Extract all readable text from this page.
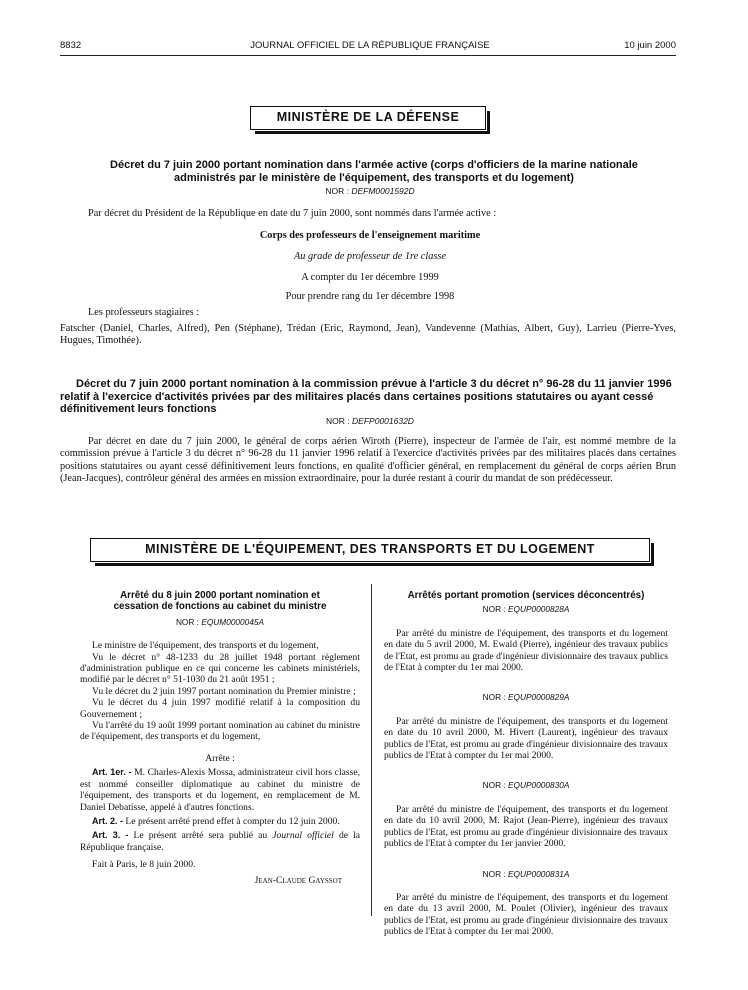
8832	JOURNAL OFFICIEL DE LA RÉPUBLIQUE FRANÇAISE	10 juin 2000
MINISTÈRE DE LA DÉFENSE
Décret du 7 juin 2000 portant nomination dans l'armée active (corps d'officiers de la marine nationale administrés par le ministère de l'équipement, des transports et du logement)
NOR : DEFM0001592D

Par décret du Président de la République en date du 7 juin 2000, sont nommés dans l'armée active :

Corps des professeurs de l'enseignement maritime
Au grade de professeur de 1re classe
A compter du 1er décembre 1999
Pour prendre rang du 1er décembre 1998

Les professeurs stagiaires :

Fatscher (Daniel, Charles, Alfred), Pen (Stéphane), Trédan (Eric, Raymond, Jean), Vandevenne (Mathias, Albert, Guy), Larrieu (Pierre-Yves, Hugues, Timothée).

Décret du 7 juin 2000 portant nomination à la commission prévue à l'article 3 du décret n° 96-28 du 11 janvier 1996 relatif à l'exercice d'activités privées par des militaires placés dans certaines positions statutaires ou ayant cessé définitivement leurs fonctions
NOR : DEFP0001632D

Par décret en date du 7 juin 2000, le général de corps aérien Wiroth (Pierre), inspecteur de l'armée de l'air, est nommé membre de la commission prévue à l'article 3 du décret n° 96-28 du 11 janvier 1996 relatif à l'exercice d'activités privées par des militaires placés dans certaines positions statutaires ou ayant cessé définitivement leurs fonctions, en qualité d'officier général, en remplacement du général de corps aérien Brun (Jean-Jacques), contrôleur général des armées en mission extraordinaire, pour la durée restant à courir du mandat de son prédécesseur.

MINISTÈRE DE L'ÉQUIPEMENT, DES TRANSPORTS ET DU LOGEMENT
Arrêté du 8 juin 2000 portant nomination et cessation de fonctions au cabinet du ministre
NOR : EQUM0000045A

Le ministre de l'équipement, des transports et du logement,

Vu le décret n° 48-1233 du 28 juillet 1948 portant règlement d'administration publique en ce qui concerne les cabinets ministériels, modifié par le décret n° 51-1030 du 21 août 1951 ;

Vu le décret du 2 juin 1997 portant nomination du Premier ministre ;

Vu le décret du 4 juin 1997 modifié relatif à la composition du Gouvernement ;

Vu l'arrêté du 19 août 1999 portant nomination au cabinet du ministre de l'équipement, des transports et du logement,

Arrête :

Art. 1er. - M. Charles-Alexis Mossa, administrateur civil hors classe, est nommé conseiller diplomatique au cabinet du ministre de l'équipement, des transports et du logement, en remplacement de M. Daniel Debatisse, appelé à d'autres fonctions.

Art. 2. - Le présent arrêté prend effet à compter du 12 juin 2000.

Art. 3. - Le présent arrêté sera publié au Journal officiel de la République française.

Fait à Paris, le 8 juin 2000.

Jean-Claude Gayssot

Arrêtés portant promotion (services déconcentrés)
NOR : EQUP0000828A

Par arrêté du ministre de l'équipement, des transports et du logement en date du 5 avril 2000, M. Ewald (Pierre), ingénieur des travaux publics de l'Etat, est promu au grade d'ingénieur divisionnaire des travaux publics de l'Etat à compter du 1er mai 2000.

NOR : EQUP0000829A

Par arrêté du ministre de l'équipement, des transports et du logement en date du 10 avril 2000, M. Hivert (Laurent), ingénieur des travaux publics de l'Etat, est promu au grade d'ingénieur divisionnaire des travaux publics de l'Etat à compter du 1er mai 2000.

NOR : EQUP0000830A

Par arrêté du ministre de l'équipement, des transports et du logement en date du 10 avril 2000, M. Rajot (Jean-Pierre), ingénieur des travaux publics de l'Etat, est promu au grade d'ingénieur divisionnaire des travaux publics de l'Etat à compter du 1er janvier 2000.

NOR : EQUP0000831A

Par arrêté du ministre de l'équipement, des transports et du logement en date du 13 avril 2000, M. Poulet (Olivier), ingénieur des travaux publics de l'Etat, est promu au grade d'ingénieur divisionnaire des travaux publics de l'Etat à compter du 1er mai 2000.
